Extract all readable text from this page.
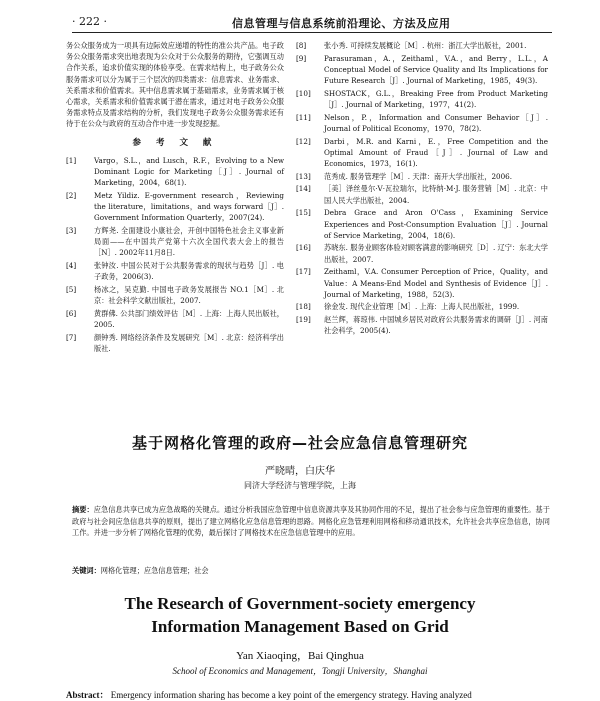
· 222 ·	信息管理与信息系统前沿理论、方法及应用

务公众服务成为一项具有边际效应递增的特性的准公共产品。电子政务公众服务需求突出地表现为公众对于公众服务的期待，它强调互动合作关系，追求价值实现的体验享受。在需求结构上，电子政务公众服务需求可以分为属于三个层次的四类需求：信息需求、业务需求、关系需求和价值需求。其中信息需求属于基础需求，业务需求属于核心需求，关系需求和价值需求属于潜在需求，通过对电子政务公众服务需求特点及需求结构的分析，我们发现电子政务公众服务需求还有待于在公众与政府的互动合作中进一步发现挖掘。

参 考 文 献
[1]	Vargo，S.L.，and Lusch，R.F.，Evolving to a New Dominant Logic for Marketing［J］. Journal of Marketing，2004，68(1).
[2]	Metz Yildiz. E-government research，Reviewing the literature，limitations，and ways forward［J］. Government Information Quarterly，2007(24).
[3]	方辉尧. 全面建设小康社会，开创中国特色社会主义事业新局面——在中国共产党第十六次全国代表大会上的报告［N］. 2002年11月8日.
[4]	张钟汝. 中国公民对于公共服务需求的现状与趋势［J］. 电子政务，2006(3).
[5]	杨冰之，吴克勤. 中国电子政务发展报告 NO.1［M］. 北京：社会科学文献出版社，2007.
[6]	黄群佛. 公共部门绩效评估［M］. 上海：上海人民出版社，2005.
[7]	颜钟秀. 网络经济条件及发展研究［M］. 北京：经济科学出版社.
[8]	张小秀. 可持续发展概论［M］. 杭州：浙江大学出版社，2001.
[9]	Parasuraman，A.，Zeithaml，V.A.，and Berry，L.L.，A Conceptual Model of Service Quality and Its Implications for Future Research［J］. Journal of Marketing，1985，49(3).
[10]	SHOSTACK，G.L.，Breaking Free from Product Marketing［J］. Journal of Marketing，1977，41(2).
[11]	Nelson，P.，Information and Consumer Behavior［J］. Journal of Political Economy，1970，78(2).
[12]	Darbi，M.R. and Karni，E.，Free Competition and the Optimal Amount of Fraud［J］. Journal of Law and Economics，1973，16(1).
[13]	范秀成. 服务管理学［M］. 天津：南开大学出版社，2006.
[14]	［美］泽丝曼尔·V·瓦拉瑞尔，比特纳·M·J. 服务营销［M］. 北京：中国人民大学出版社，2004.
[15]	Debra Grace and Aron O'Cass，Examining Service Experiences and Post-Consumption Evaluation［J］. Journal of Service Marketing，2004，18(6).
[16]	苏晓东. 服务业顾客体验对顾客满意的影响研究［D］. 辽宁：东北大学出版社，2007.
[17]	Zeithaml，V.A. Consumer Perception of Price，Quality，and Value：A Means-End Model and Synthesis of Evidence［J］. Journal of Marketing，1988，52(3).
[18]	徐金发. 现代企业管理［M］. 上海：上海人民出版社，1999.
[19]	赵兰辉，蒋琼伟. 中国城乡居民对政府公共服务需求的调研［J］. 河南社会科学，2005(4).
基于网格化管理的政府—社会应急信息管理研究
严晓晴，白庆华
同济大学经济与管理学院，上海
摘要：应急信息共享已成为应急战略的关键点。通过分析我国应急管理中信息资源共享及其协同作用的不足，提出了社会参与应急管理的重要性。基于政府与社会间应急信息共享的原则，提出了建立网格化应急信息管理的思路。网格化应急管理利用网格和移动通讯技术，允许社会共享应急信息，协同工作。并进一步分析了网格化管理的优势，最后探讨了网格技术在应急信息管理中的应用。
关键词：网格化管理；应急信息管理；社会
The Research of Government-society emergency
Information Management Based on Grid
Yan Xiaoqing，Bai Qinghua
School of Economics and Management，Tongji University，Shanghai
Abstract： Emergency information sharing has become a key point of the emergency strategy. Having analyzed
